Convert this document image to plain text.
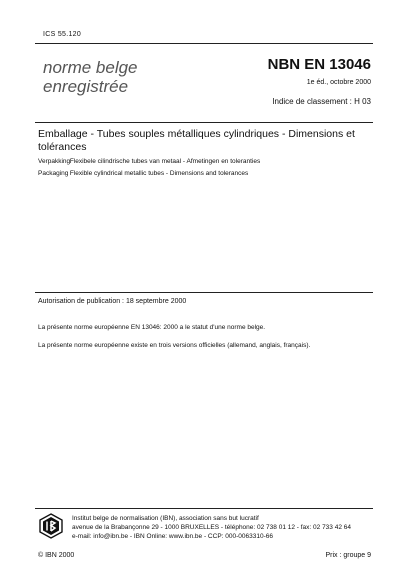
ICS 55.120
norme belge
enregistrée
NBN EN 13046
1e éd., octobre 2000
Indice de classement : H 03
Emballage - Tubes souples métalliques cylindriques - Dimensions et tolérances
Verpakking Flexibele cilindrische tubes van metaal - Afmetingen en toleranties
Packaging Flexible cylindrical metallic tubes - Dimensions and tolerances
Autorisation de publication : 18 septembre 2000
La présente norme européenne EN 13046: 2000 a le statut d'une norme belge.
La présente norme européenne existe en trois versions officielles (allemand, anglais, français).
Institut belge de normalisation (IBN), association sans but lucratif
avenue de la Brabançonne 29 - 1000 BRUXELLES - téléphone: 02 738 01 12 - fax: 02 733 42 64
e-mail: info@ibn.be - IBN Online: www.ibn.be - CCP: 000-0063310-66
© IBN 2000	Prix : groupe 9
